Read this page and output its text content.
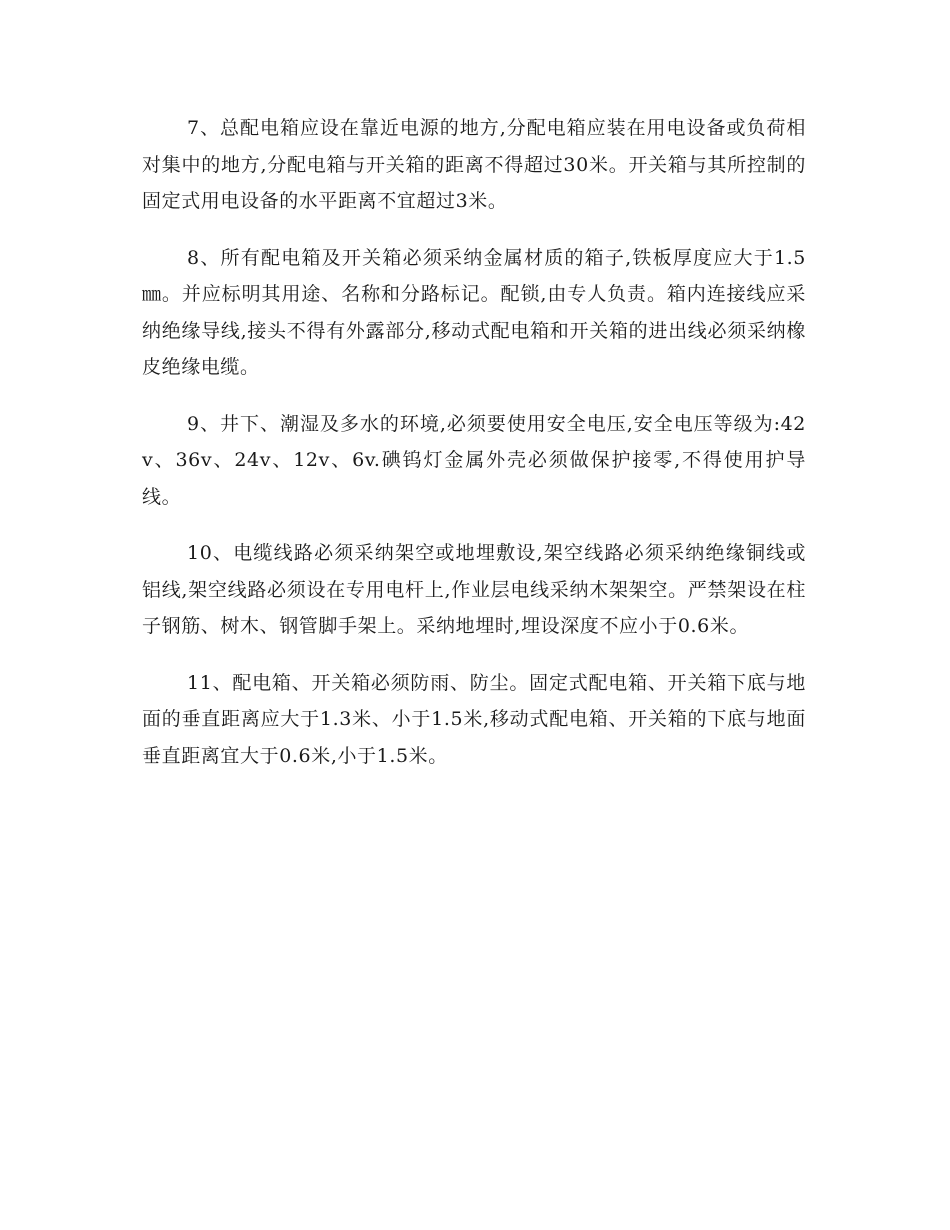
7、总配电箱应设在靠近电源的地方,分配电箱应装在用电设备或负荷相对集中的地方,分配电箱与开关箱的距离不得超过30米。开关箱与其所控制的固定式用电设备的水平距离不宜超过3米。

8、所有配电箱及开关箱必须采纳金属材质的箱子,铁板厚度应大于1.5㎜。并应标明其用途、名称和分路标记。配锁,由专人负责。箱内连接线应采纳绝缘导线,接头不得有外露部分,移动式配电箱和开关箱的进出线必须采纳橡皮绝缘电缆。

9、井下、潮湿及多水的环境,必须要使用安全电压,安全电压等级为:42v、36v、24v、12v、6v.碘钨灯金属外壳必须做保护接零,不得使用护导线。

10、电缆线路必须采纳架空或地埋敷设,架空线路必须采纳绝缘铜线或铝线,架空线路必须设在专用电杆上,作业层电线采纳木架架空。严禁架设在柱子钢筋、树木、钢管脚手架上。采纳地埋时,埋设深度不应小于0.6米。

11、配电箱、开关箱必须防雨、防尘。固定式配电箱、开关箱下底与地面的垂直距离应大于1.3米、小于1.5米,移动式配电箱、开关箱的下底与地面垂直距离宜大于0.6米,小于1.5米。
